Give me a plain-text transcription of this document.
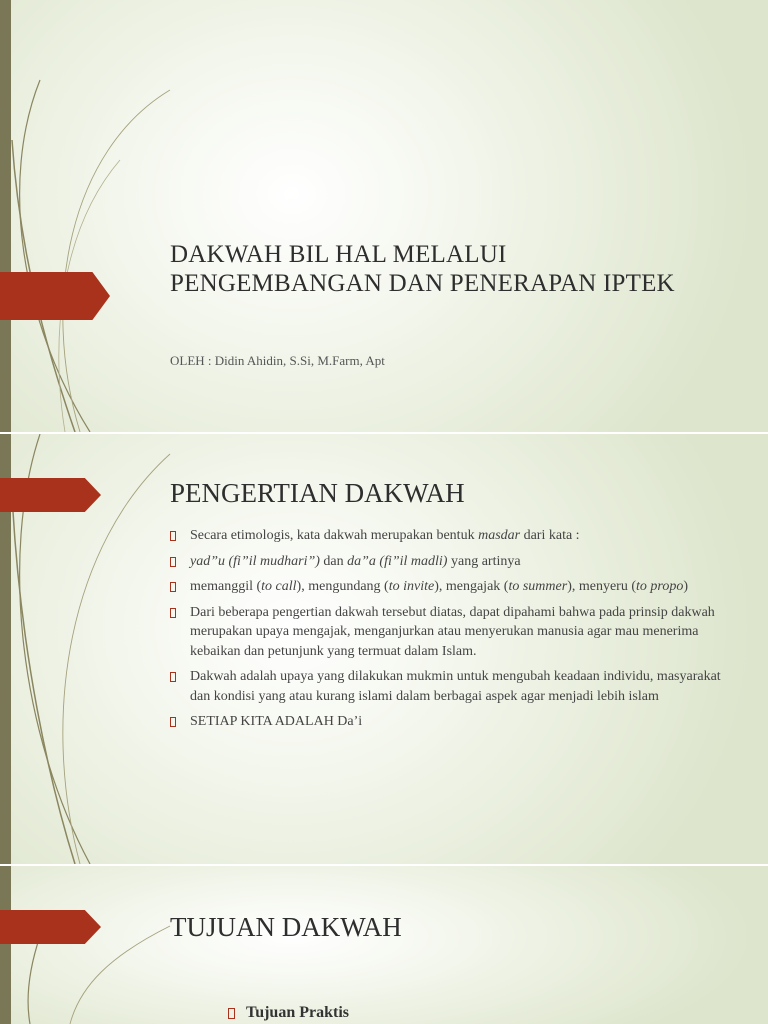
DAKWAH BIL HAL MELALUI
PENGEMBANGAN DAN PENERAPAN IPTEK

OLEH : Didin Ahidin, S.Si, M.Farm, Apt

PENGERTIAN DAKWAH
Secara etimologis, kata dakwah merupakan bentuk masdar dari kata :
yad”u (fi”il mudhari”) dan da”a (fi”il madli) yang artinya
memanggil (to call), mengundang (to invite), mengajak (to summer), menyeru (to propo)
Dari beberapa pengertian dakwah tersebut diatas, dapat dipahami bahwa pada prinsip dakwah merupakan upaya mengajak, menganjurkan atau menyerukan manusia agar mau menerima kebaikan dan petunjunk yang termuat dalam Islam.
Dakwah adalah upaya yang dilakukan mukmin untuk mengubah keadaan individu, masyarakat dan kondisi yang atau kurang islami dalam berbagai aspek agar menjadi lebih islam
SETIAP KITA ADALAH Da’i
TUJUAN DAKWAH
Tujuan Praktis
